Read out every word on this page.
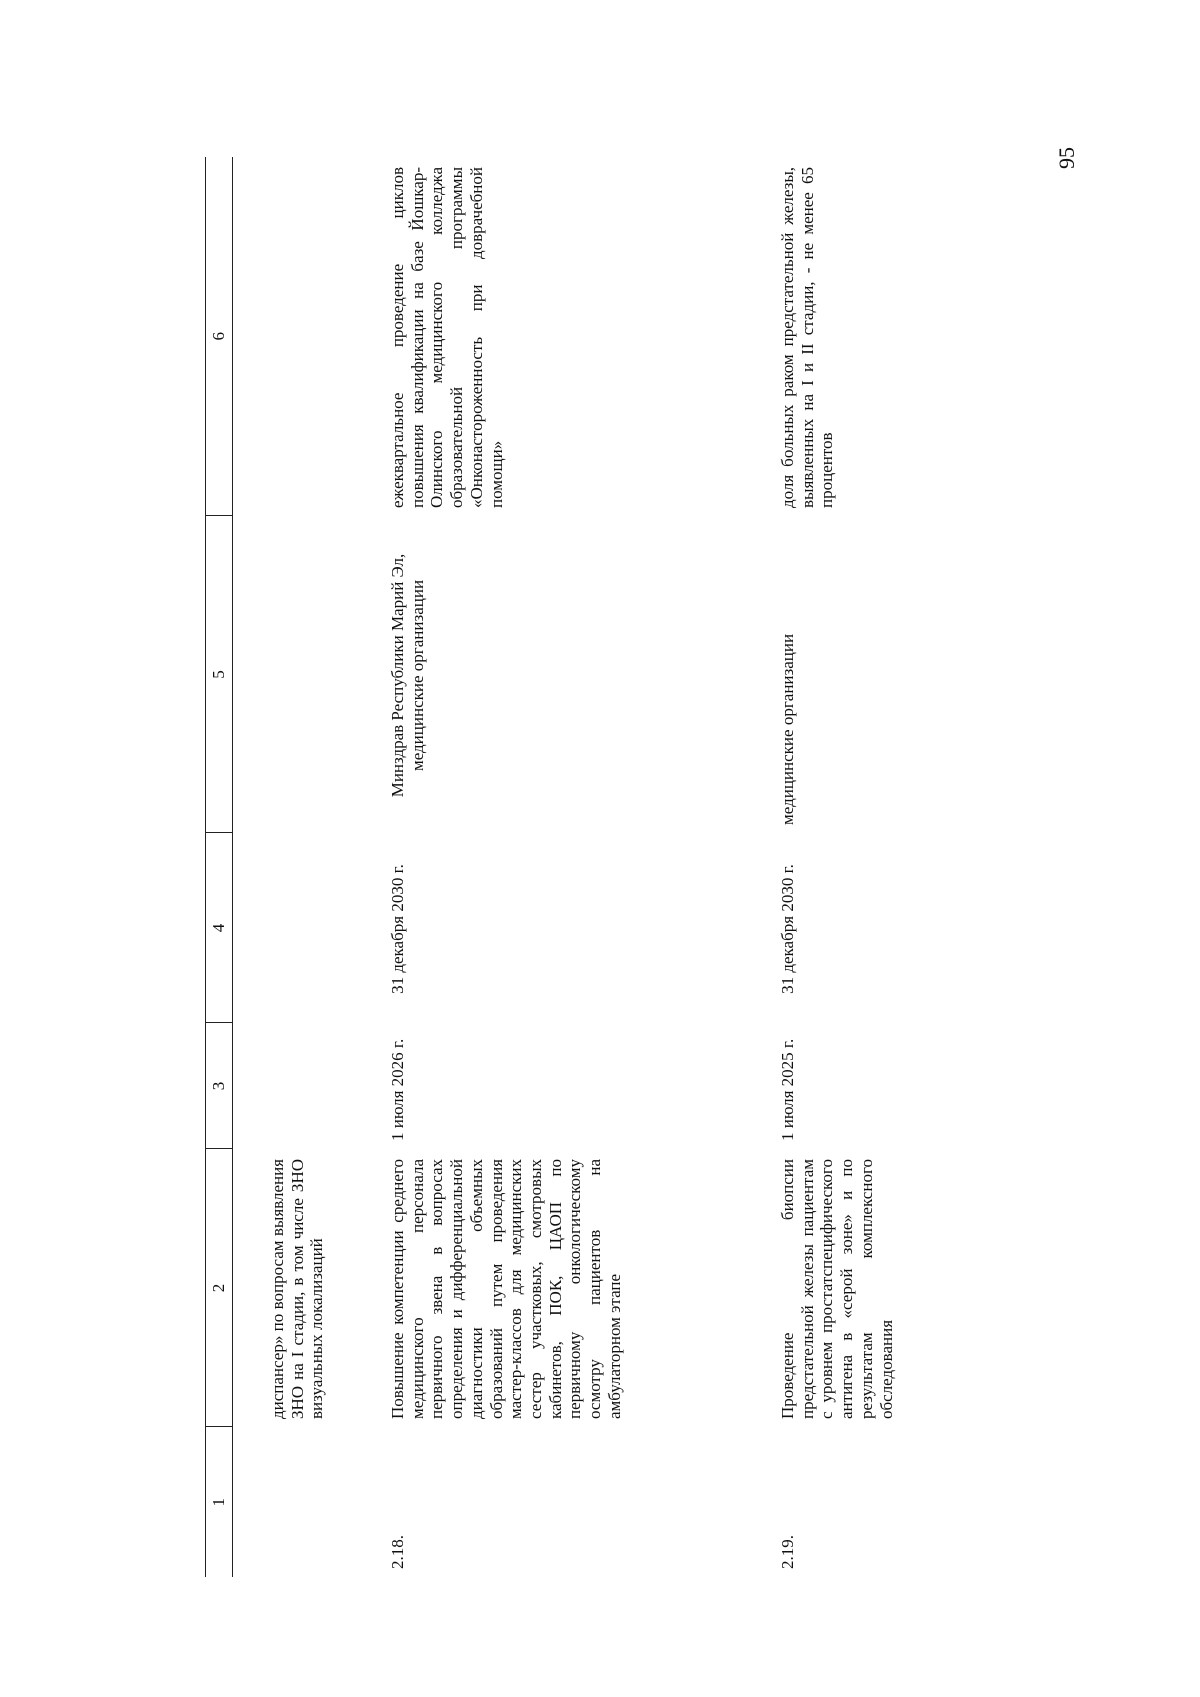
95
1	2	3	4	5	6

	диспансер» по вопросам выявления ЗНО на I стадии, в том числе ЗНО визуальных локализаций				
2.18.	Повышение компетенции среднего медицинского персонала первичного звена в вопросах определения и дифференциальной диагностики объемных образований путем проведения мастер-классов для медицинских сестер участковых, смотровых кабинетов, ПОК, ЦАОП по первичному онкологическому осмотру пациентов на амбулаторном этапе	1 июля 2026 г.	31 декабря 2030 г.	Минздрав Республики Марий Эл, медицинские организации	ежеквартальное проведение циклов повышения квалификации на базе Йошкар-Олинского медицинского колледжа образовательной программы «Онконастороженность при доврачебной помощи»
2.19.	Проведение биопсии предстательной железы пациентам с уровнем простатспецифического антигена в «серой зоне» и по результатам комплексного обследования	1 июля 2025 г.	31 декабря 2030 г.	медицинские организации	доля больных раком предстательной железы, выявленных на I и II стадии, - не менее 65 процентов
